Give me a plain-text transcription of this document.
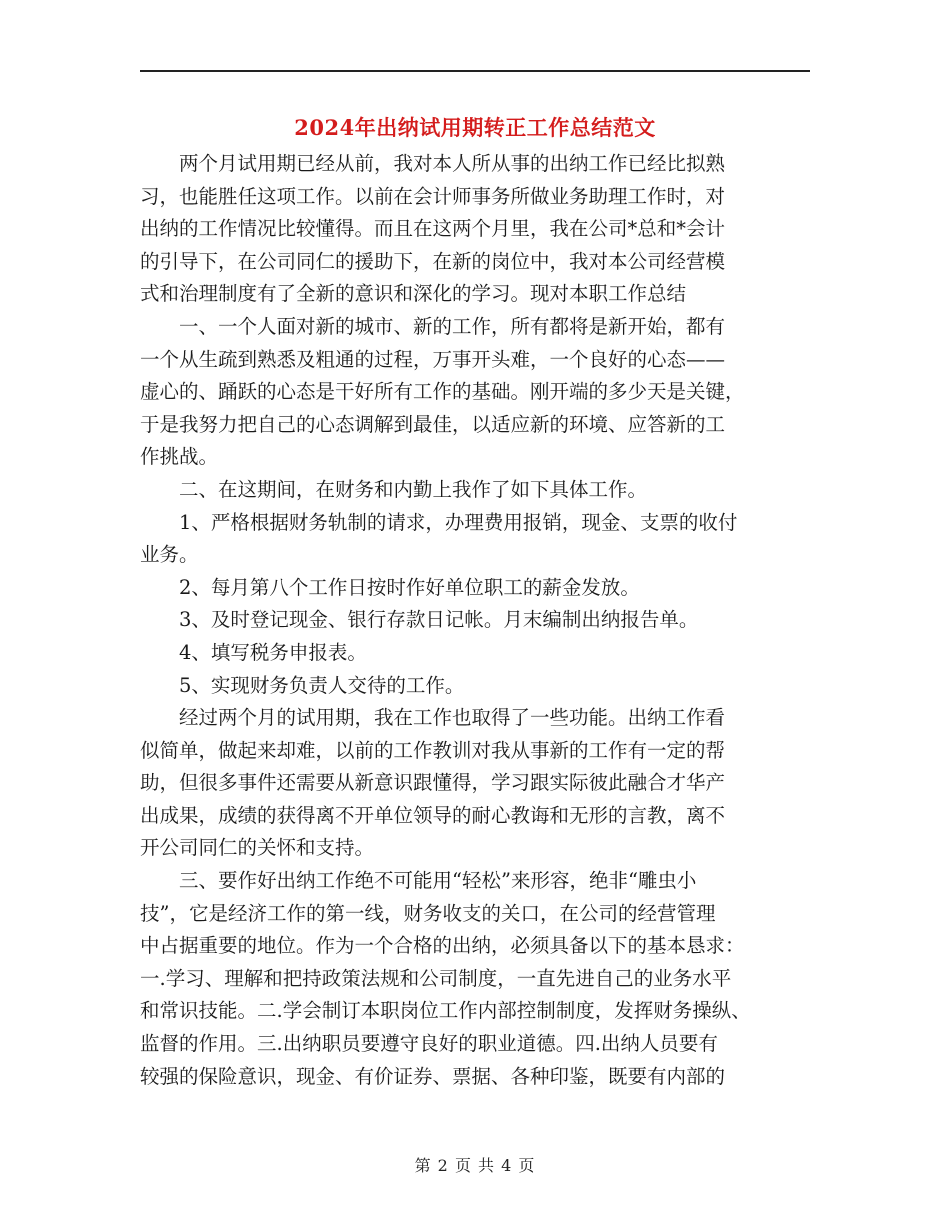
2024年出纳试用期转正工作总结范文
　　两个月试用期已经从前，我对本人所从事的出纳工作已经比拟熟
习，也能胜任这项工作。以前在会计师事务所做业务助理工作时，对
出纳的工作情况比较懂得。而且在这两个月里，我在公司*总和*会计
的引导下，在公司同仁的援助下，在新的岗位中，我对本公司经营模
式和治理制度有了全新的意识和深化的学习。现对本职工作总结
　　一、一个人面对新的城市、新的工作，所有都将是新开始，都有
一个从生疏到熟悉及粗通的过程，万事开头难，一个良好的心态——
虚心的、踊跃的心态是干好所有工作的基础。刚开端的多少天是关键，
于是我努力把自己的心态调解到最佳，以适应新的环境、应答新的工
作挑战。
　　二、在这期间，在财务和内勤上我作了如下具体工作。
　　1、严格根据财务轨制的请求，办理费用报销，现金、支票的收付
业务。
　　2、每月第八个工作日按时作好单位职工的薪金发放。
　　3、及时登记现金、银行存款日记帐。月末编制出纳报告单。
　　4、填写税务申报表。
　　5、实现财务负责人交待的工作。
　　经过两个月的试用期，我在工作也取得了一些功能。出纳工作看
似简单，做起来却难，以前的工作教训对我从事新的工作有一定的帮
助，但很多事件还需要从新意识跟懂得，学习跟实际彼此融合才华产
出成果，成绩的获得离不开单位领导的耐心教诲和无形的言教，离不
开公司同仁的关怀和支持。
　　三、要作好出纳工作绝不可能用“轻松”来形容，绝非“雕虫小
技”，它是经济工作的第一线，财务收支的关口，在公司的经营管理
中占据重要的地位。作为一个合格的出纳，必须具备以下的基本恳求：
一.学习、理解和把持政策法规和公司制度，一直先进自己的业务水平
和常识技能。二.学会制订本职岗位工作内部控制制度，发挥财务操纵、
监督的作用。三.出纳职员要遵守良好的职业道德。四.出纳人员要有
较强的保险意识，现金、有价证券、票据、各种印鉴，既要有内部的
第 2 页 共 4 页
